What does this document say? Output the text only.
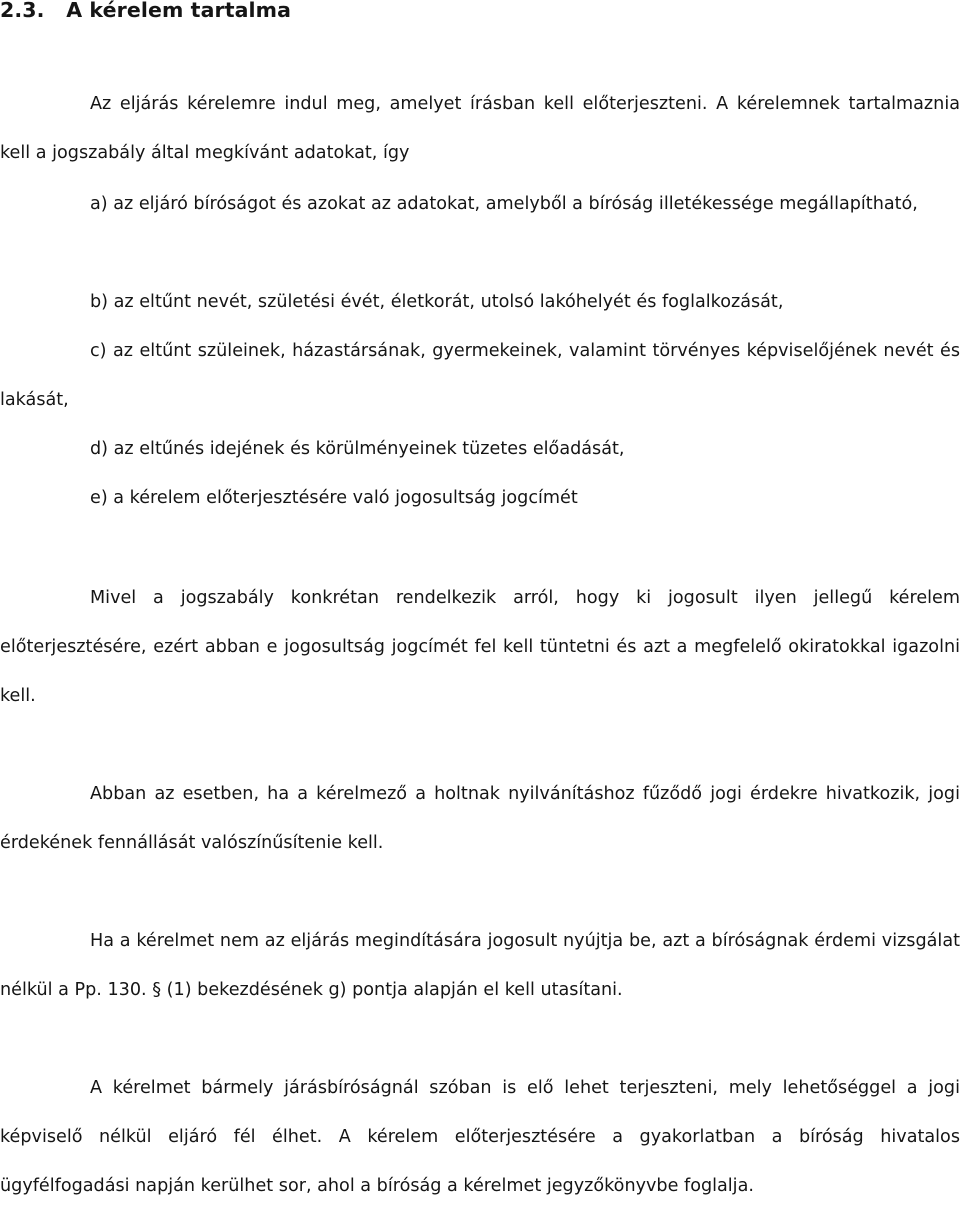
2.3. A kérelem tartalma

Az eljárás kérelemre indul meg, amelyet írásban kell előterjeszteni. A kérelemnek tartalmaznia kell a jogszabály által megkívánt adatokat, így

a) az eljáró bíróságot és azokat az adatokat, amelyből a bíróság illetékessége megállapítható,

b) az eltűnt nevét, születési évét, életkorát, utolsó lakóhelyét és foglalkozását,

c) az eltűnt szüleinek, házastársának, gyermekeinek, valamint törvényes képviselőjének nevét és lakását,

d) az eltűnés idejének és körülményeinek tüzetes előadását,

e) a kérelem előterjesztésére való jogosultság jogcímét

Mivel a jogszabály konkrétan rendelkezik arról, hogy ki jogosult ilyen jellegű kérelem előterjesztésére, ezért abban e jogosultság jogcímét fel kell tüntetni és azt a megfelelő okiratokkal igazolni kell.

Abban az esetben, ha a kérelmező a holtnak nyilvánításhoz fűződő jogi érdekre hivatkozik, jogi érdekének fennállását valószínűsítenie kell.

Ha a kérelmet nem az eljárás megindítására jogosult nyújtja be, azt a bíróságnak érdemi vizsgálat nélkül a Pp. 130. § (1) bekezdésének g) pontja alapján el kell utasítani.

A kérelmet bármely járásbíróságnál szóban is elő lehet terjeszteni, mely lehetőséggel a jogi képviselő nélkül eljáró fél élhet. A kérelem előterjesztésére a gyakorlatban a bíróság hivatalos ügyfélfogadási napján kerülhet sor, ahol a bíróság a kérelmet jegyzőkönyvbe foglalja.
